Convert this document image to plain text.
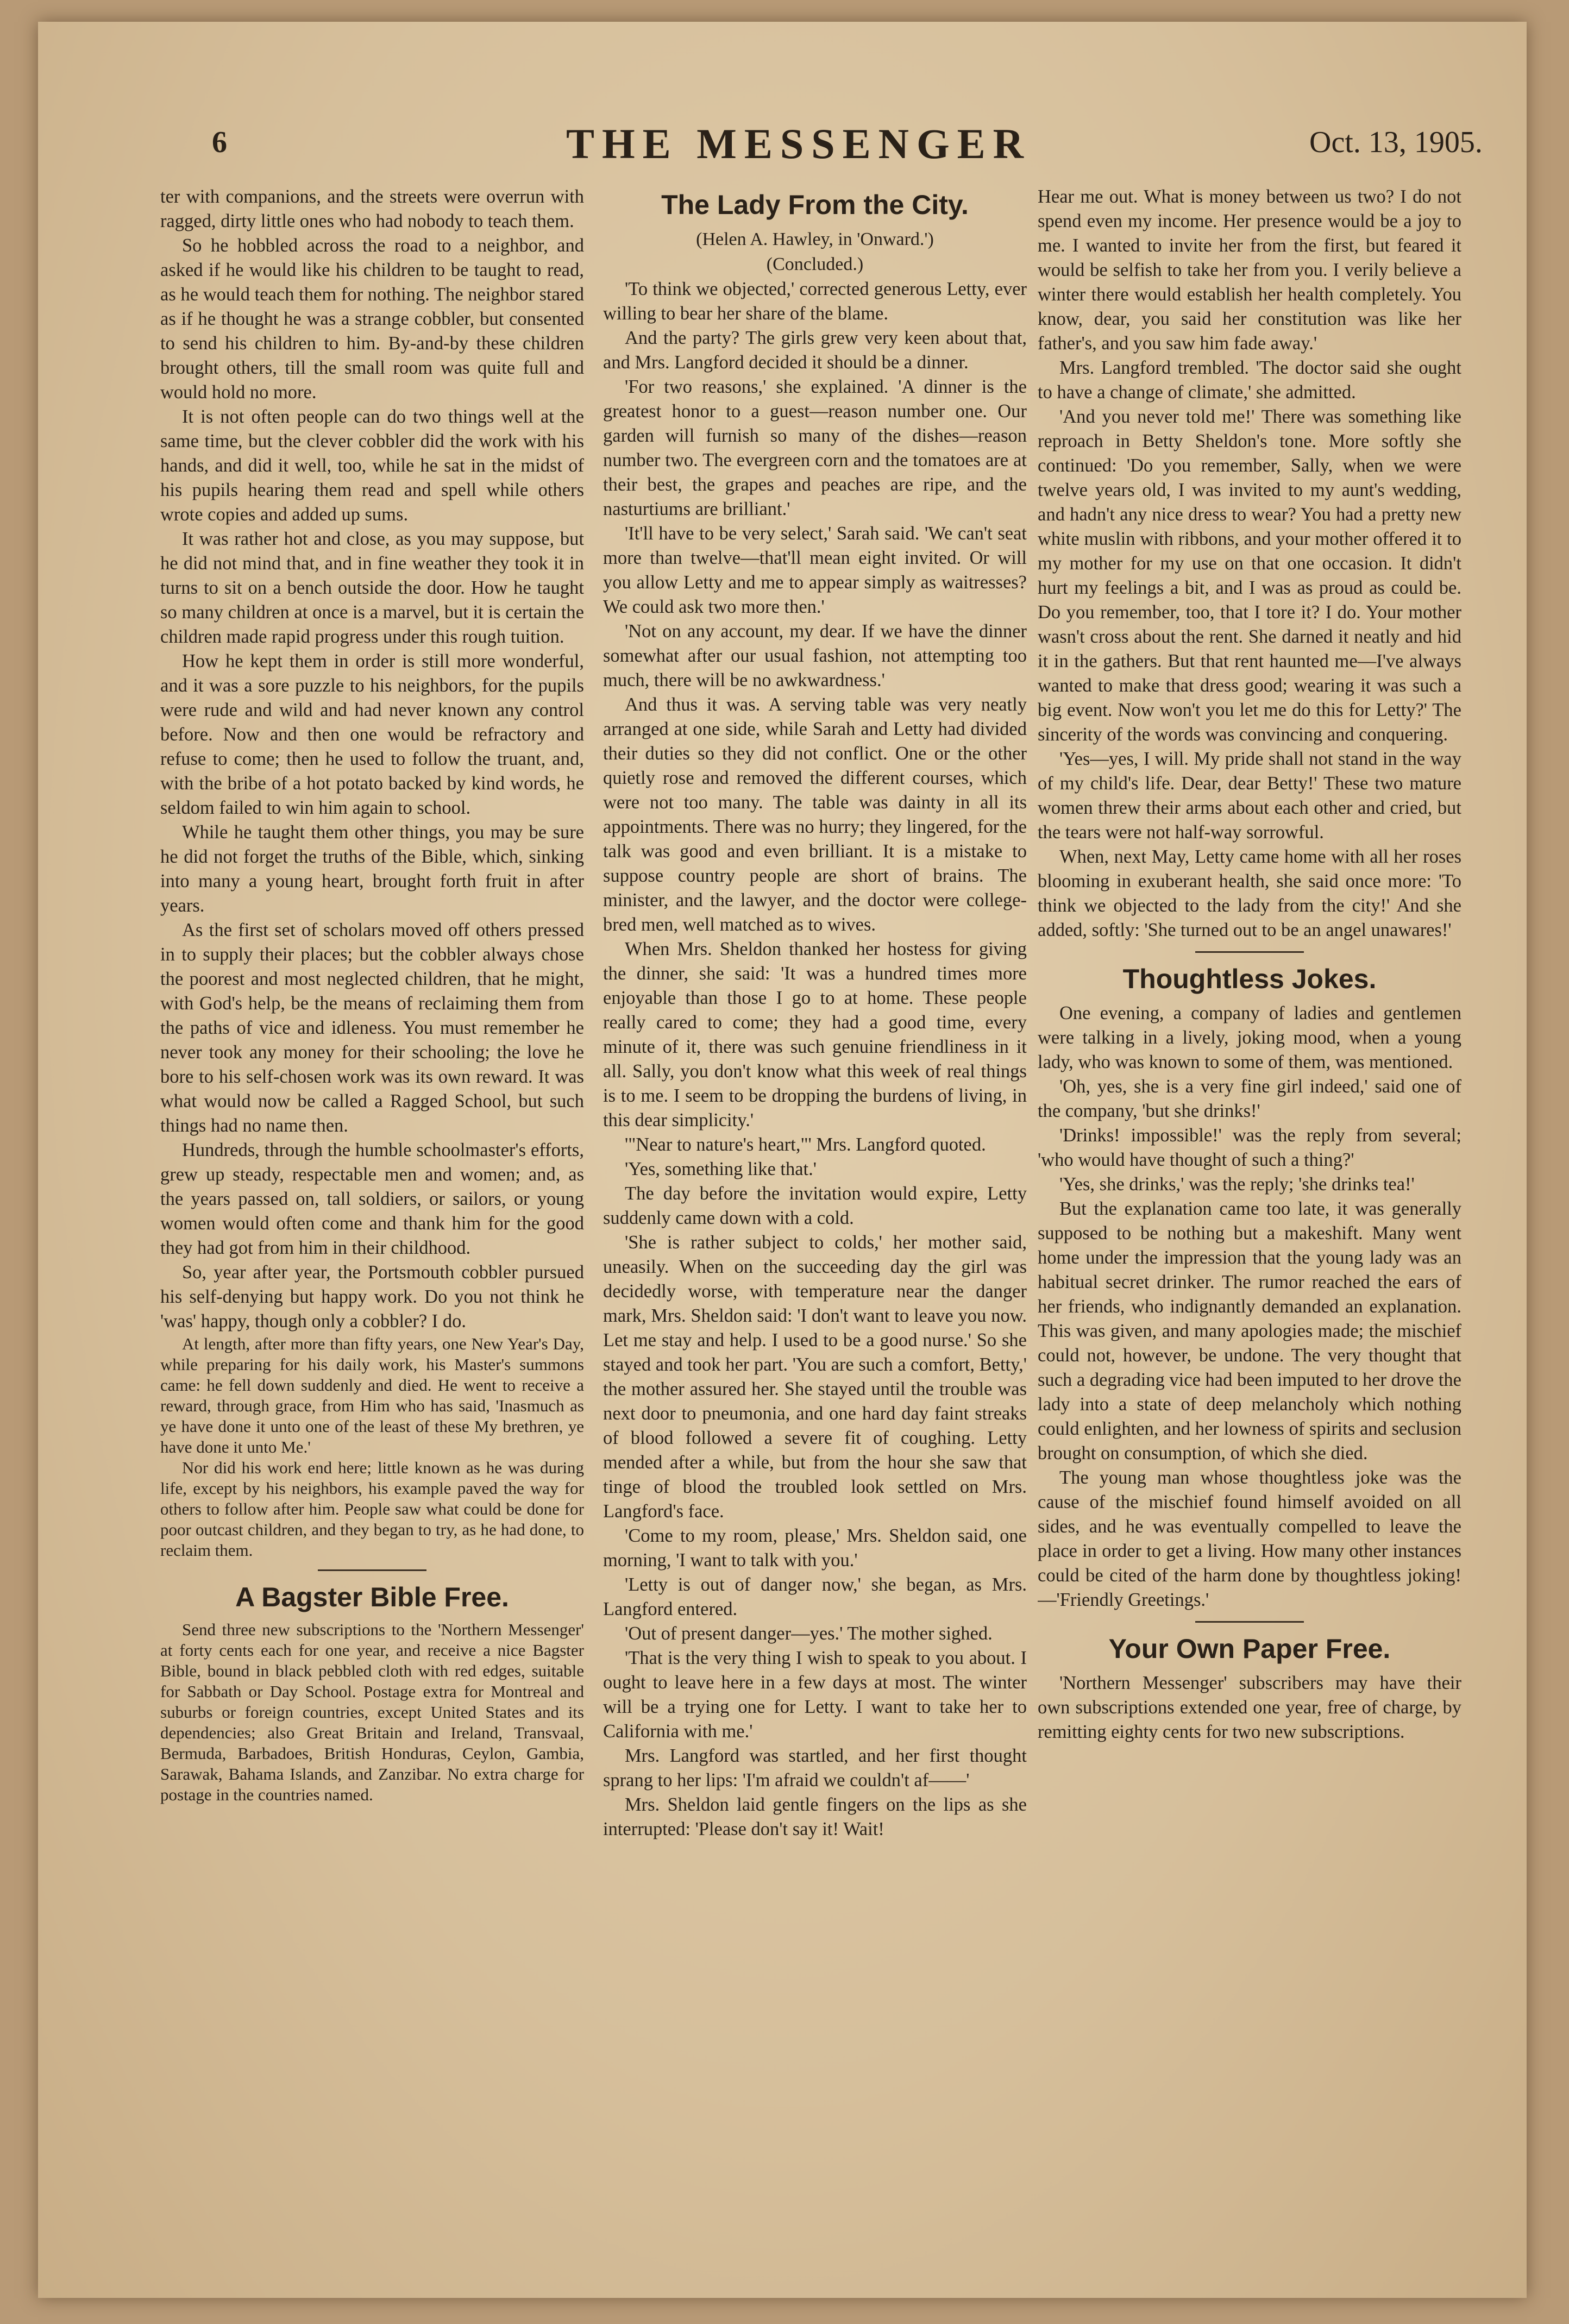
6	THE MESSENGER	Oct. 13, 1905.

ter with companions, and the streets were overrun with ragged, dirty little ones who had nobody to teach them.

So he hobbled across the road to a neighbor, and asked if he would like his children to be taught to read, as he would teach them for nothing. The neighbor stared as if he thought he was a strange cobbler, but consented to send his children to him. By-and-by these children brought others, till the small room was quite full and would hold no more.

It is not often people can do two things well at the same time, but the clever cobbler did the work with his hands, and did it well, too, while he sat in the midst of his pupils hearing them read and spell while others wrote copies and added up sums.

It was rather hot and close, as you may suppose, but he did not mind that, and in fine weather they took it in turns to sit on a bench outside the door. How he taught so many children at once is a marvel, but it is certain the children made rapid progress under this rough tuition.

How he kept them in order is still more wonderful, and it was a sore puzzle to his neighbors, for the pupils were rude and wild and had never known any control before. Now and then one would be refractory and refuse to come; then he used to follow the truant, and, with the bribe of a hot potato backed by kind words, he seldom failed to win him again to school.

While he taught them other things, you may be sure he did not forget the truths of the Bible, which, sinking into many a young heart, brought forth fruit in after years.

As the first set of scholars moved off others pressed in to supply their places; but the cobbler always chose the poorest and most neglected children, that he might, with God's help, be the means of reclaiming them from the paths of vice and idleness. You must remember he never took any money for their schooling; the love he bore to his self-chosen work was its own reward. It was what would now be called a Ragged School, but such things had no name then.

Hundreds, through the humble schoolmaster's efforts, grew up steady, respectable men and women; and, as the years passed on, tall soldiers, or sailors, or young women would often come and thank him for the good they had got from him in their childhood.

So, year after year, the Portsmouth cobbler pursued his self-denying but happy work. Do you not think he 'was' happy, though only a cobbler? I do.

At length, after more than fifty years, one New Year's Day, while preparing for his daily work, his Master's summons came: he fell down suddenly and died. He went to receive a reward, through grace, from Him who has said, 'Inasmuch as ye have done it unto one of the least of these My brethren, ye have done it unto Me.'

Nor did his work end here; little known as he was during life, except by his neighbors, his example paved the way for others to follow after him. People saw what could be done for poor outcast children, and they began to try, as he had done, to reclaim them.

A Bagster Bible Free.

Send three new subscriptions to the 'Northern Messenger' at forty cents each for one year, and receive a nice Bagster Bible, bound in black pebbled cloth with red edges, suitable for Sabbath or Day School. Postage extra for Montreal and suburbs or foreign countries, except United States and its dependencies; also Great Britain and Ireland, Transvaal, Bermuda, Barbadoes, British Honduras, Ceylon, Gambia, Sarawak, Bahama Islands, and Zanzibar. No extra charge for postage in the countries named.

The Lady From the City.
(Helen A. Hawley, in 'Onward.')
(Concluded.)

'To think we objected,' corrected generous Letty, ever willing to bear her share of the blame.

And the party? The girls grew very keen about that, and Mrs. Langford decided it should be a dinner.

'For two reasons,' she explained. 'A dinner is the greatest honor to a guest—reason number one. Our garden will furnish so many of the dishes—reason number two. The evergreen corn and the tomatoes are at their best, the grapes and peaches are ripe, and the nasturtiums are brilliant.'

'It'll have to be very select,' Sarah said. 'We can't seat more than twelve—that'll mean eight invited. Or will you allow Letty and me to appear simply as waitresses? We could ask two more then.'

'Not on any account, my dear. If we have the dinner somewhat after our usual fashion, not attempting too much, there will be no awkwardness.'

And thus it was. A serving table was very neatly arranged at one side, while Sarah and Letty had divided their duties so they did not conflict. One or the other quietly rose and removed the different courses, which were not too many. The table was dainty in all its appointments. There was no hurry; they lingered, for the talk was good and even brilliant. It is a mistake to suppose country people are short of brains. The minister, and the lawyer, and the doctor were college-bred men, well matched as to wives.

When Mrs. Sheldon thanked her hostess for giving the dinner, she said: 'It was a hundred times more enjoyable than those I go to at home. These people really cared to come; they had a good time, every minute of it, there was such genuine friendliness in it all. Sally, you don't know what this week of real things is to me. I seem to be dropping the burdens of living, in this dear simplicity.'

'"Near to nature's heart,"' Mrs. Langford quoted.

'Yes, something like that.'

The day before the invitation would expire, Letty suddenly came down with a cold.

'She is rather subject to colds,' her mother said, uneasily. When on the succeeding day the girl was decidedly worse, with temperature near the danger mark, Mrs. Sheldon said: 'I don't want to leave you now. Let me stay and help. I used to be a good nurse.' So she stayed and took her part. 'You are such a comfort, Betty,' the mother assured her. She stayed until the trouble was next door to pneumonia, and one hard day faint streaks of blood followed a severe fit of coughing. Letty mended after a while, but from the hour she saw that tinge of blood the troubled look settled on Mrs. Langford's face.

'Come to my room, please,' Mrs. Sheldon said, one morning, 'I want to talk with you.'

'Letty is out of danger now,' she began, as Mrs. Langford entered.

'Out of present danger—yes.' The mother sighed.

'That is the very thing I wish to speak to you about. I ought to leave here in a few days at most. The winter will be a trying one for Letty. I want to take her to California with me.'

Mrs. Langford was startled, and her first thought sprang to her lips: 'I'm afraid we couldn't af——'

Mrs. Sheldon laid gentle fingers on the lips as she interrupted: 'Please don't say it! Wait!

Hear me out. What is money between us two? I do not spend even my income. Her presence would be a joy to me. I wanted to invite her from the first, but feared it would be selfish to take her from you. I verily believe a winter there would establish her health completely. You know, dear, you said her constitution was like her father's, and you saw him fade away.'

Mrs. Langford trembled. 'The doctor said she ought to have a change of climate,' she admitted.

'And you never told me!' There was something like reproach in Betty Sheldon's tone. More softly she continued: 'Do you remember, Sally, when we were twelve years old, I was invited to my aunt's wedding, and hadn't any nice dress to wear? You had a pretty new white muslin with ribbons, and your mother offered it to my mother for my use on that one occasion. It didn't hurt my feelings a bit, and I was as proud as could be. Do you remember, too, that I tore it? I do. Your mother wasn't cross about the rent. She darned it neatly and hid it in the gathers. But that rent haunted me—I've always wanted to make that dress good; wearing it was such a big event. Now won't you let me do this for Letty?' The sincerity of the words was convincing and conquering.

'Yes—yes, I will. My pride shall not stand in the way of my child's life. Dear, dear Betty!' These two mature women threw their arms about each other and cried, but the tears were not half-way sorrowful.

When, next May, Letty came home with all her roses blooming in exuberant health, she said once more: 'To think we objected to the lady from the city!' And she added, softly: 'She turned out to be an angel unawares!'

Thoughtless Jokes.

One evening, a company of ladies and gentlemen were talking in a lively, joking mood, when a young lady, who was known to some of them, was mentioned.

'Oh, yes, she is a very fine girl indeed,' said one of the company, 'but she drinks!'

'Drinks! impossible!' was the reply from several; 'who would have thought of such a thing?'

'Yes, she drinks,' was the reply; 'she drinks tea!'

But the explanation came too late, it was generally supposed to be nothing but a makeshift. Many went home under the impression that the young lady was an habitual secret drinker. The rumor reached the ears of her friends, who indignantly demanded an explanation. This was given, and many apologies made; the mischief could not, however, be undone. The very thought that such a degrading vice had been imputed to her drove the lady into a state of deep melancholy which nothing could enlighten, and her lowness of spirits and seclusion brought on consumption, of which she died.

The young man whose thoughtless joke was the cause of the mischief found himself avoided on all sides, and he was eventually compelled to leave the place in order to get a living. How many other instances could be cited of the harm done by thoughtless joking!—'Friendly Greetings.'

Your Own Paper Free.

'Northern Messenger' subscribers may have their own subscriptions extended one year, free of charge, by remitting eighty cents for two new subscriptions.
